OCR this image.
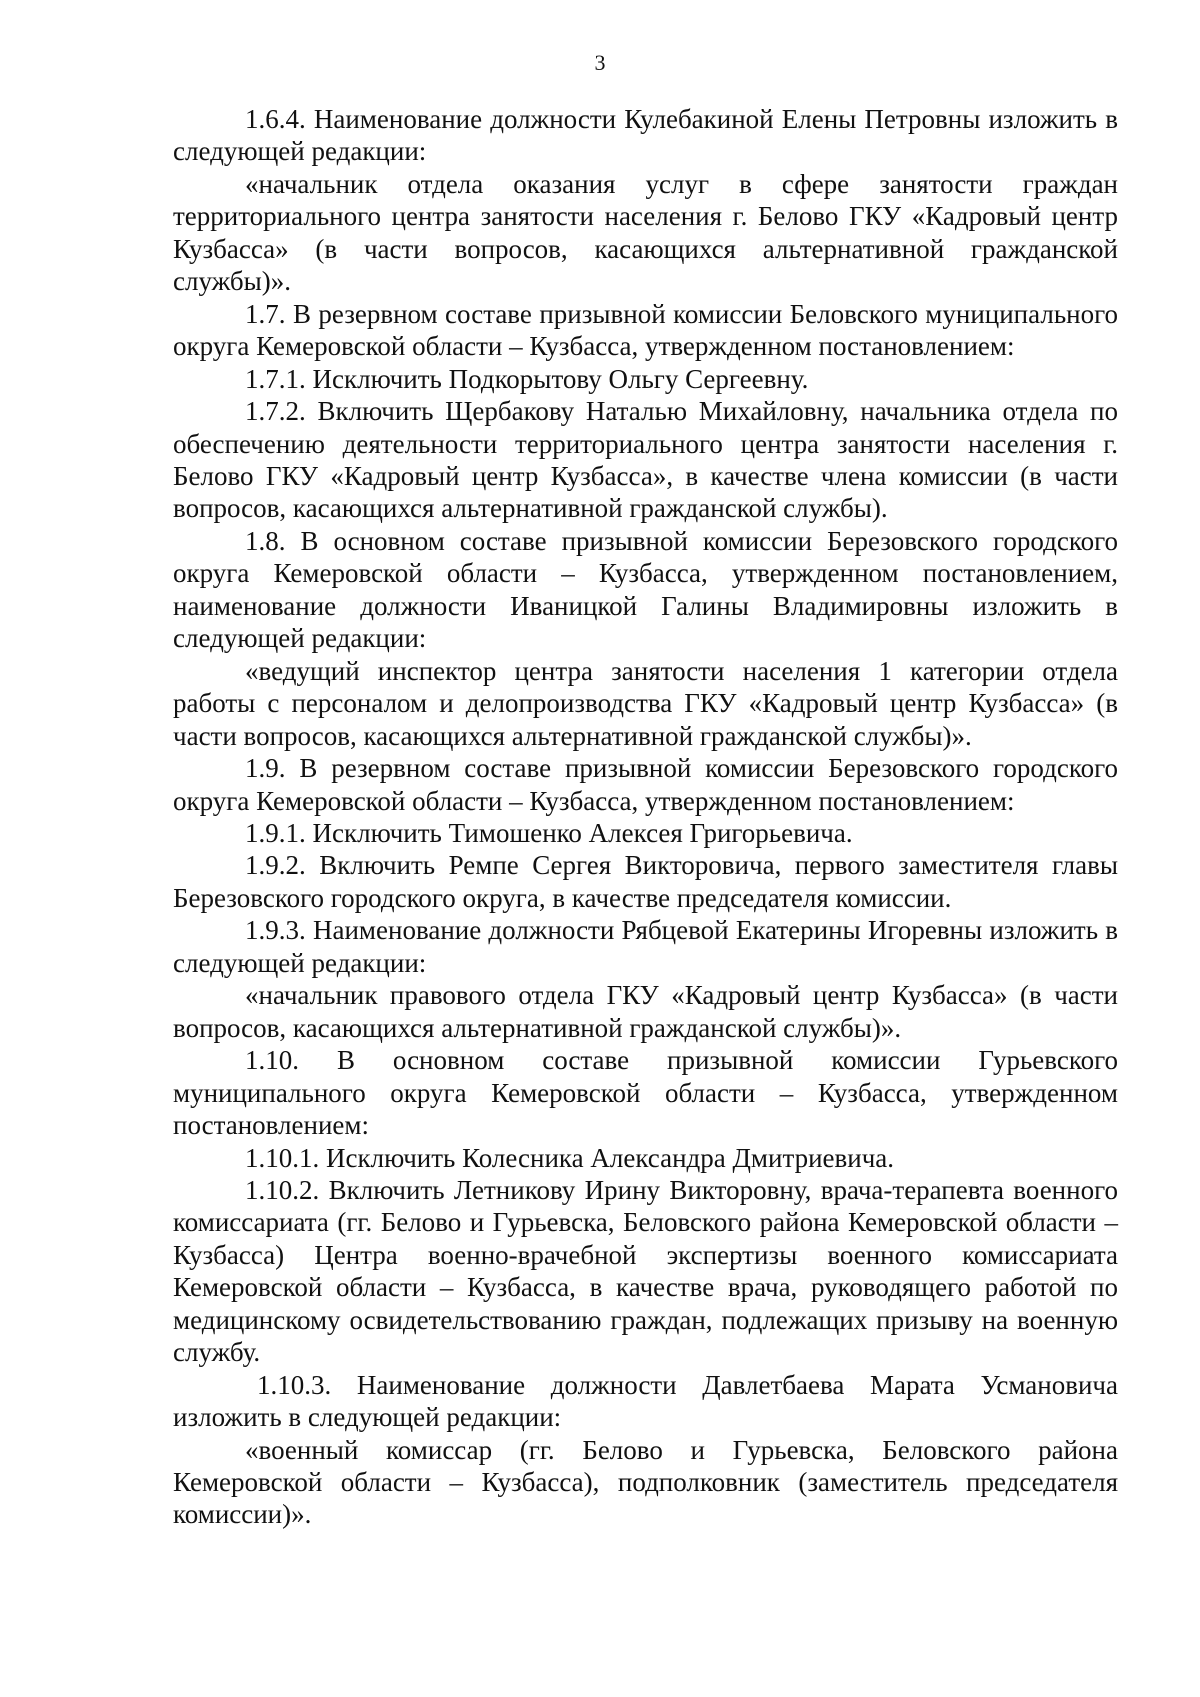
3

1.6.4. Наименование должности Кулебакиной Елены Петровны изложить в следующей редакции:

«начальник отдела оказания услуг в сфере занятости граждан территориального центра занятости населения г. Белово ГКУ «Кадровый центр Кузбасса» (в части вопросов, касающихся альтернативной гражданской службы)».

1.7. В резервном составе призывной комиссии Беловского муниципального округа Кемеровской области – Кузбасса, утвержденном постановлением:

1.7.1. Исключить Подкорытову Ольгу Сергеевну.

1.7.2. Включить Щербакову Наталью Михайловну, начальника отдела по обеспечению деятельности территориального центра занятости населения г. Белово ГКУ «Кадровый центр Кузбасса», в качестве члена комиссии (в части вопросов, касающихся альтернативной гражданской службы).

1.8. В основном составе призывной комиссии Березовского городского округа Кемеровской области – Кузбасса, утвержденном постановлением, наименование должности Иваницкой Галины Владимировны изложить в следующей редакции:

«ведущий инспектор центра занятости населения 1 категории отдела работы с персоналом и делопроизводства ГКУ «Кадровый центр Кузбасса» (в части вопросов, касающихся альтернативной гражданской службы)».

1.9. В резервном составе призывной комиссии Березовского городского округа Кемеровской области – Кузбасса, утвержденном постановлением:

1.9.1. Исключить Тимошенко Алексея Григорьевича.

1.9.2. Включить Ремпе Сергея Викторовича, первого заместителя главы Березовского городского округа, в качестве председателя комиссии.

1.9.3. Наименование должности Рябцевой Екатерины Игоревны изложить в следующей редакции:

«начальник правового отдела ГКУ «Кадровый центр Кузбасса» (в части вопросов, касающихся альтернативной гражданской службы)».

1.10. В основном составе призывной комиссии Гурьевского муниципального округа Кемеровской области – Кузбасса, утвержденном постановлением:

1.10.1. Исключить Колесника Александра Дмитриевича.

1.10.2. Включить Летникову Ирину Викторовну, врача-терапевта военного комиссариата (гг. Белово и Гурьевска, Беловского района Кемеровской области – Кузбасса) Центра военно-врачебной экспертизы военного комиссариата Кемеровской области – Кузбасса, в качестве врача, руководящего работой по медицинскому освидетельствованию граждан, подлежащих призыву на военную службу.

1.10.3. Наименование должности Давлетбаева Марата Усмановича изложить в следующей редакции:

«военный комиссар (гг. Белово и Гурьевска, Беловского района Кемеровской области – Кузбасса), подполковник (заместитель председателя комиссии)».
